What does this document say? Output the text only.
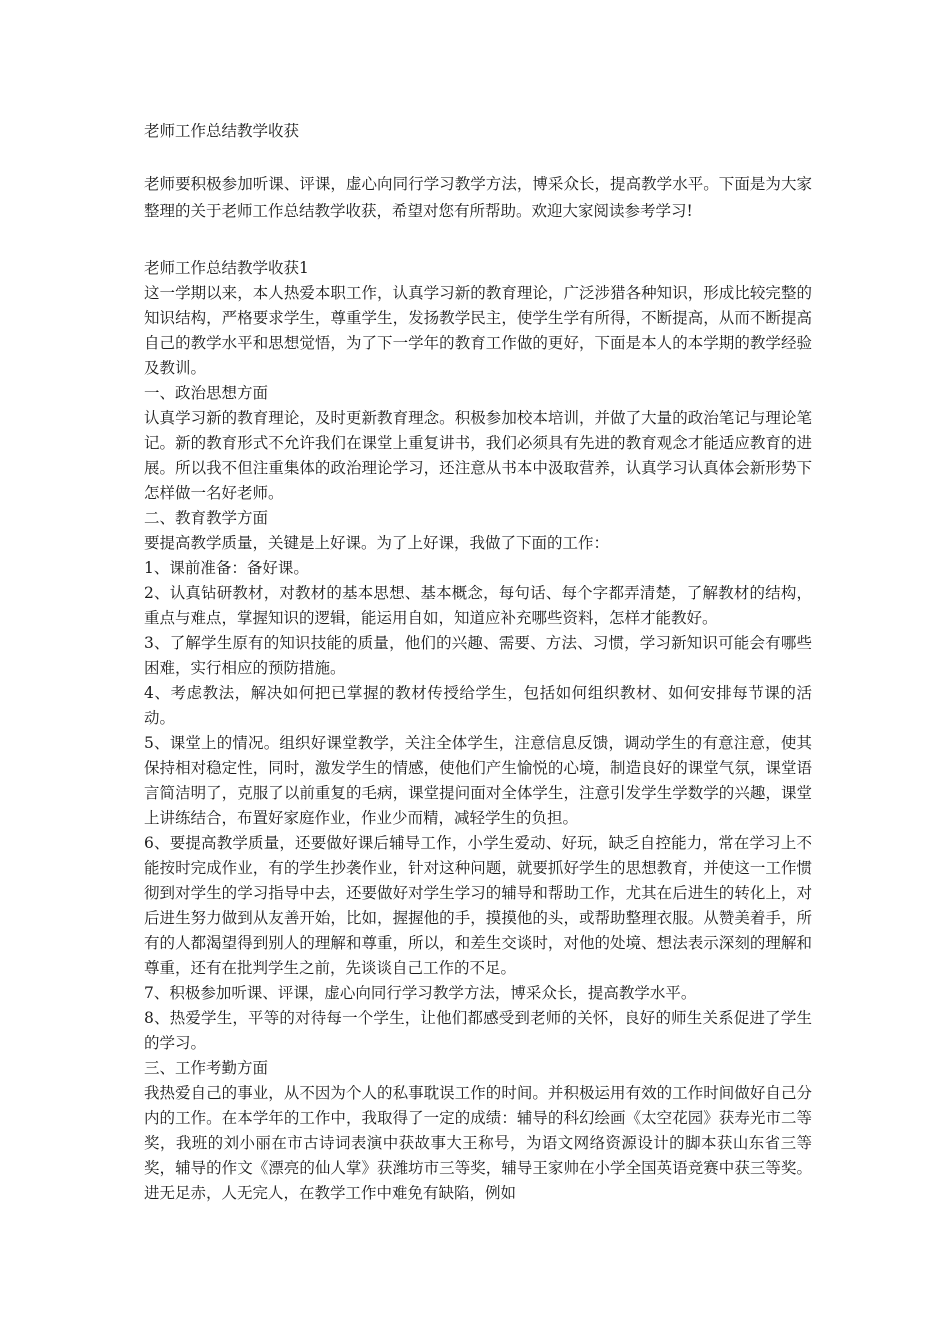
老师工作总结教学收获

老师要积极参加听课、评课，虚心向同行学习教学方法，博采众长，提高教学水平。下面是为大家整理的关于老师工作总结教学收获，希望对您有所帮助。欢迎大家阅读参考学习!

老师工作总结教学收获1

这一学期以来，本人热爱本职工作，认真学习新的教育理论，广泛涉猎各种知识，形成比较完整的知识结构，严格要求学生，尊重学生，发扬教学民主，使学生学有所得，不断提高，从而不断提高自己的教学水平和思想觉悟，为了下一学年的教育工作做的更好，下面是本人的本学期的教学经验及教训。

一、政治思想方面

认真学习新的教育理论，及时更新教育理念。积极参加校本培训，并做了大量的政治笔记与理论笔记。新的教育形式不允许我们在课堂上重复讲书，我们必须具有先进的教育观念才能适应教育的进展。所以我不但注重集体的政治理论学习，还注意从书本中汲取营养，认真学习认真体会新形势下怎样做一名好老师。

二、教育教学方面

要提高教学质量，关键是上好课。为了上好课，我做了下面的工作：

1、课前准备：备好课。

2、认真钻研教材，对教材的基本思想、基本概念，每句话、每个字都弄清楚，了解教材的结构，重点与难点，掌握知识的逻辑，能运用自如，知道应补充哪些资料，怎样才能教好。

3、了解学生原有的知识技能的质量，他们的兴趣、需要、方法、习惯，学习新知识可能会有哪些困难，实行相应的预防措施。

4、考虑教法，解决如何把已掌握的教材传授给学生，包括如何组织教材、如何安排每节课的活动。

5、课堂上的情况。组织好课堂教学，关注全体学生，注意信息反馈，调动学生的有意注意，使其保持相对稳定性，同时，激发学生的情感，使他们产生愉悦的心境，制造良好的课堂气氛，课堂语言简洁明了，克服了以前重复的毛病，课堂提问面对全体学生，注意引发学生学数学的兴趣，课堂上讲练结合，布置好家庭作业，作业少而精，减轻学生的负担。

6、要提高教学质量，还要做好课后辅导工作，小学生爱动、好玩，缺乏自控能力，常在学习上不能按时完成作业，有的学生抄袭作业，针对这种问题，就要抓好学生的思想教育，并使这一工作惯彻到对学生的学习指导中去，还要做好对学生学习的辅导和帮助工作，尤其在后进生的转化上，对后进生努力做到从友善开始，比如，握握他的手，摸摸他的头，或帮助整理衣服。从赞美着手，所有的人都渴望得到别人的理解和尊重，所以，和差生交谈时，对他的处境、想法表示深刻的理解和尊重，还有在批判学生之前，先谈谈自己工作的不足。

7、积极参加听课、评课，虚心向同行学习教学方法，博采众长，提高教学水平。

8、热爱学生，平等的对待每一个学生，让他们都感受到老师的关怀，良好的师生关系促进了学生的学习。

三、工作考勤方面

我热爱自己的事业，从不因为个人的私事耽误工作的时间。并积极运用有效的工作时间做好自己分内的工作。在本学年的工作中，我取得了一定的成绩：辅导的科幻绘画《太空花园》获寿光市二等奖，我班的刘小丽在市古诗词表演中获故事大王称号，为语文网络资源设计的脚本获山东省三等奖，辅导的作文《漂亮的仙人掌》获潍坊市三等奖，辅导王家帅在小学全国英语竞赛中获三等奖。进无足赤，人无完人，在教学工作中难免有缺陷，例如
